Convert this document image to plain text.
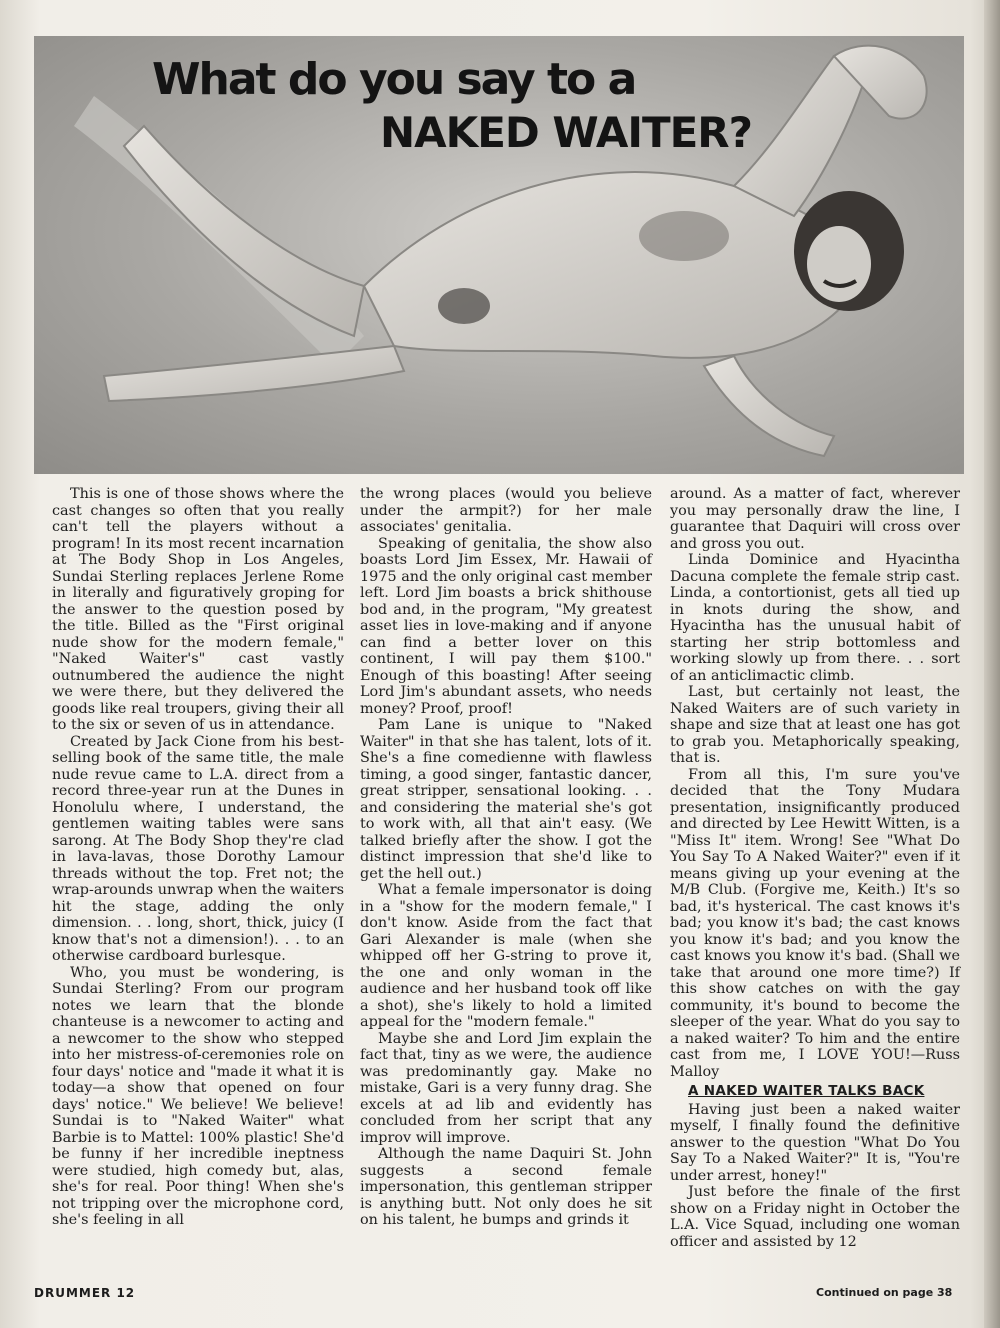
What do you say to a
NAKED WAITER?

This is one of those shows where the cast changes so often that you really can't tell the players without a program! In its most recent incarnation at The Body Shop in Los Angeles, Sundai Sterling replaces Jerlene Rome in literally and figuratively groping for the answer to the question posed by the title. Billed as the "First original nude show for the modern female," "Naked Waiter's" cast vastly outnumbered the audience the night we were there, but they delivered the goods like real troupers, giving their all to the six or seven of us in attendance.

Created by Jack Cione from his best-selling book of the same title, the male nude revue came to L.A. direct from a record three-year run at the Dunes in Honolulu where, I understand, the gentlemen waiting tables were sans sarong. At The Body Shop they're clad in lava-lavas, those Dorothy Lamour threads without the top. Fret not; the wrap-arounds unwrap when the waiters hit the stage, adding the only dimension. . . long, short, thick, juicy (I know that's not a dimension!). . . to an otherwise cardboard burlesque.

Who, you must be wondering, is Sundai Sterling? From our program notes we learn that the blonde chanteuse is a newcomer to acting and a newcomer to the show who stepped into her mistress-of-ceremonies role on four days' notice and "made it what it is today—a show that opened on four days' notice." We believe! We believe! Sundai is to "Naked Waiter" what Barbie is to Mattel: 100% plastic! She'd be funny if her incredible ineptness were studied, high comedy but, alas, she's for real. Poor thing! When she's not tripping over the microphone cord, she's feeling in all

the wrong places (would you believe under the armpit?) for her male associates' genitalia.

Speaking of genitalia, the show also boasts Lord Jim Essex, Mr. Hawaii of 1975 and the only original cast member left. Lord Jim boasts a brick shithouse bod and, in the program, "My greatest asset lies in love-making and if anyone can find a better lover on this continent, I will pay them $100." Enough of this boasting! After seeing Lord Jim's abundant assets, who needs money? Proof, proof!

Pam Lane is unique to "Naked Waiter" in that she has talent, lots of it. She's a fine comedienne with flawless timing, a good singer, fantastic dancer, great stripper, sensational looking. . . and considering the material she's got to work with, all that ain't easy. (We talked briefly after the show. I got the distinct impression that she'd like to get the hell out.)

What a female impersonator is doing in a "show for the modern female," I don't know. Aside from the fact that Gari Alexander is male (when she whipped off her G-string to prove it, the one and only woman in the audience and her husband took off like a shot), she's likely to hold a limited appeal for the "modern female."

Maybe she and Lord Jim explain the fact that, tiny as we were, the audience was predominantly gay. Make no mistake, Gari is a very funny drag. She excels at ad lib and evidently has concluded from her script that any improv will improve.

Although the name Daquiri St. John suggests a second female impersonation, this gentleman stripper is anything butt. Not only does he sit on his talent, he bumps and grinds it

around. As a matter of fact, wherever you may personally draw the line, I guarantee that Daquiri will cross over and gross you out.

Linda Dominice and Hyacintha Dacuna complete the female strip cast. Linda, a contortionist, gets all tied up in knots during the show, and Hyacintha has the unusual habit of starting her strip bottomless and working slowly up from there. . . sort of an anticlimactic climb.

Last, but certainly not least, the Naked Waiters are of such variety in shape and size that at least one has got to grab you. Metaphorically speaking, that is.

From all this, I'm sure you've decided that the Tony Mudara presentation, insignificantly produced and directed by Lee Hewitt Witten, is a "Miss It" item. Wrong! See "What Do You Say To A Naked Waiter?" even if it means giving up your evening at the M/B Club. (Forgive me, Keith.) It's so bad, it's hysterical. The cast knows it's bad; you know it's bad; the cast knows you know it's bad; and you know the cast knows you know it's bad. (Shall we take that around one more time?) If this show catches on with the gay community, it's bound to become the sleeper of the year. What do you say to a naked waiter? To him and the entire cast from me, I LOVE YOU!—Russ Malloy

A NAKED WAITER TALKS BACK

Having just been a naked waiter myself, I finally found the definitive answer to the question "What Do You Say To a Naked Waiter?" It is, "You're under arrest, honey!"

Just before the finale of the first show on a Friday night in October the L.A. Vice Squad, including one woman officer and assisted by 12

DRUMMER 12	Continued on page 38
